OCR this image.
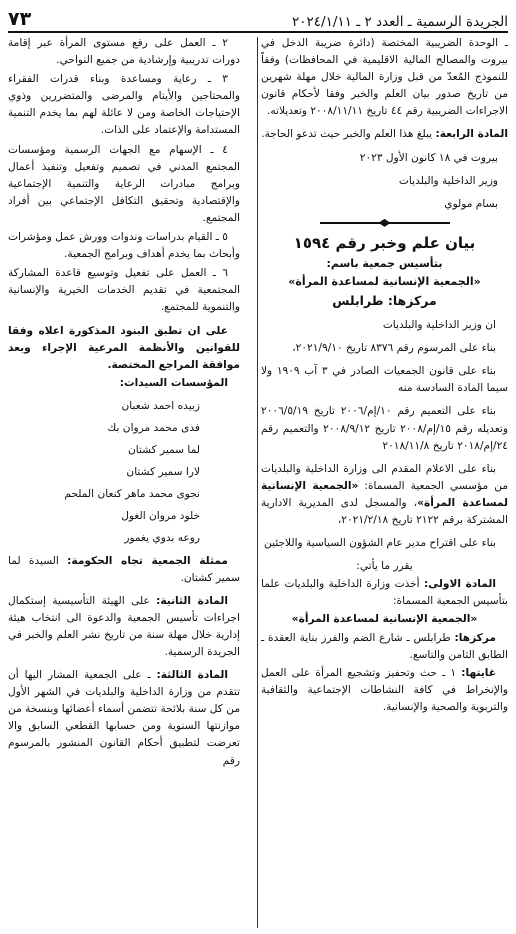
الجريدة الرسمية ـ العدد ٢ ـ ٢٠٢٤/١/١١
٧٣

ـ الوحدة الضريبية المختصة (دائرة ضريبة الدخل في بيروت والمصالح المالية الاقليمية في المحافظات) وفقاً للنموذج المُعدّ من قبل وزارة المالية خلال مهلة شهرين من تاريخ صدور بيان العلم والخبر وفقا لأحكام قانون الاجراءات الضريبية رقم ٤٤ تاريخ ٢٠٠٨/١١/١١ وتعديلاته.

المادة الرابعة: يبلغ هذا العلم والخبر حيث تدعو الحاجة.

بيروت في ١٨ كانون الأول ٢٠٢٣

وزير الداخلية والبلديات

بسام مولوي

بيان علم وخبر رقم ١٥٩٤

بتأسيس جمعية باسم:

«الجمعية الإنسانية لمساعدة المرأة»

مركزها: طرابلس

ان وزير الداخلية والبلديات

بناء على المرسوم رقم ٨٣٧٦ تاريخ ٢٠٢١/٩/١٠،

بناء على قانون الجمعيات الصادر في ٣ آب ١٩٠٩ ولا سيما المادة السادسة منه

بناء على التعميم رقم ١٠/إم/٢٠٠٦ تاريخ ٢٠٠٦/٥/١٩ وتعديله رقم ١٥/إم/٢٠٠٨ تاريخ ٢٠٠٨/٩/١٢ والتعميم رقم ٢٤/إم/٢٠١٨ تاريخ ٢٠١٨/١١/٨

بناء على الاعلام المقدم الى وزارة الداخلية والبلديات من مؤسسي الجمعية المسماة: «الجمعية الإنسانية لمساعدة المرأة»، والمسجل لدى المديرية الادارية المشتركة برقم ٢١٢٢ تاريخ ٢٠٢١/٢/١٨،

بناء على اقتراح مدير عام الشؤون السياسية واللاجئين

يقرر ما يأتي:

المادة الاولى: أخذت وزارة الداخلية والبلديات علما بتأسيس الجمعية المسماة:

«الجمعية الإنسانية لمساعدة المرأة»

مركزها: طرابلس ـ شارع الضم والفرز بناية العقدة ـ الطابق الثامن والتاسع.

غايتها: ١ ـ حث وتحفيز وتشجيع المرأة على العمل والإنخراط في كافة النشاطات الإجتماعية والثقافية والتربوية والصحية والإنسانية.

٢ ـ العمل على رفع مستوى المرأة عبر إقامة دورات تدريبية وإرشادية من جميع النواحي.

٣ ـ رعاية ومساعدة وبناء قدرات الفقراء والمحتاجين والأيتام والمرضى والمتضررين وذوي الإحتياجات الخاصة ومن لا عائلة لهم بما يخدم التنمية المستدامة والإعتماد على الذات.

٤ ـ الإسهام مع الجهات الرسمية ومؤسسات المجتمع المدني في تصميم وتفعيل وتنفيذ أعمال وبرامج مبادرات الرعاية والتنمية الإجتماعية والإقتصادية وتحقيق التكافل الإجتماعي بين أفراد المجتمع.

٥ ـ القيام بدراسات وندوات وورش عمل ومؤشرات وأبحاث بما يخدم أهداف وبرامج الجمعية.

٦ ـ العمل على تفعيل وتوسيع قاعدة المشاركة المجتمعية في تقديم الخدمات الخيرية والإنسانية والتنموية للمجتمع.

على ان تطبق البنود المذكورة اعلاه وفقا للقوانين والأنظمة المرعية الإجراء وبعد موافقة المراجع المختصة.

المؤسسات السيدات:

زبيده احمد شعبان

فدى محمد مروان بك

لما سمير كشتان

لارا سمير كشتان

نجوى محمد ماهر كنعان الملحم

خلود مروان الغول

روعه بدوي يغمور

ممثلة الجمعية تجاه الحكومة: السيدة لما سمير كشتان.

المادة الثانية: على الهيئة التأسيسية إستكمال اجراءات تأسيس الجمعية والدعوة الى انتخاب هيئة إدارية خلال مهلة سنة من تاريخ نشر العلم والخبر في الجريدة الرسمية.

المادة الثالثة: ـ على الجمعية المشار اليها أن تتقدم من وزارة الداخلية والبلديات في الشهر الأول من كل سنة بلائحة تتضمن أسماء أعضائها وبنسخة من موازنتها السنوية ومن حسابها القطعي السابق والا تعرضت لتطبيق أحكام القانون المنشور بالمرسوم رقم
